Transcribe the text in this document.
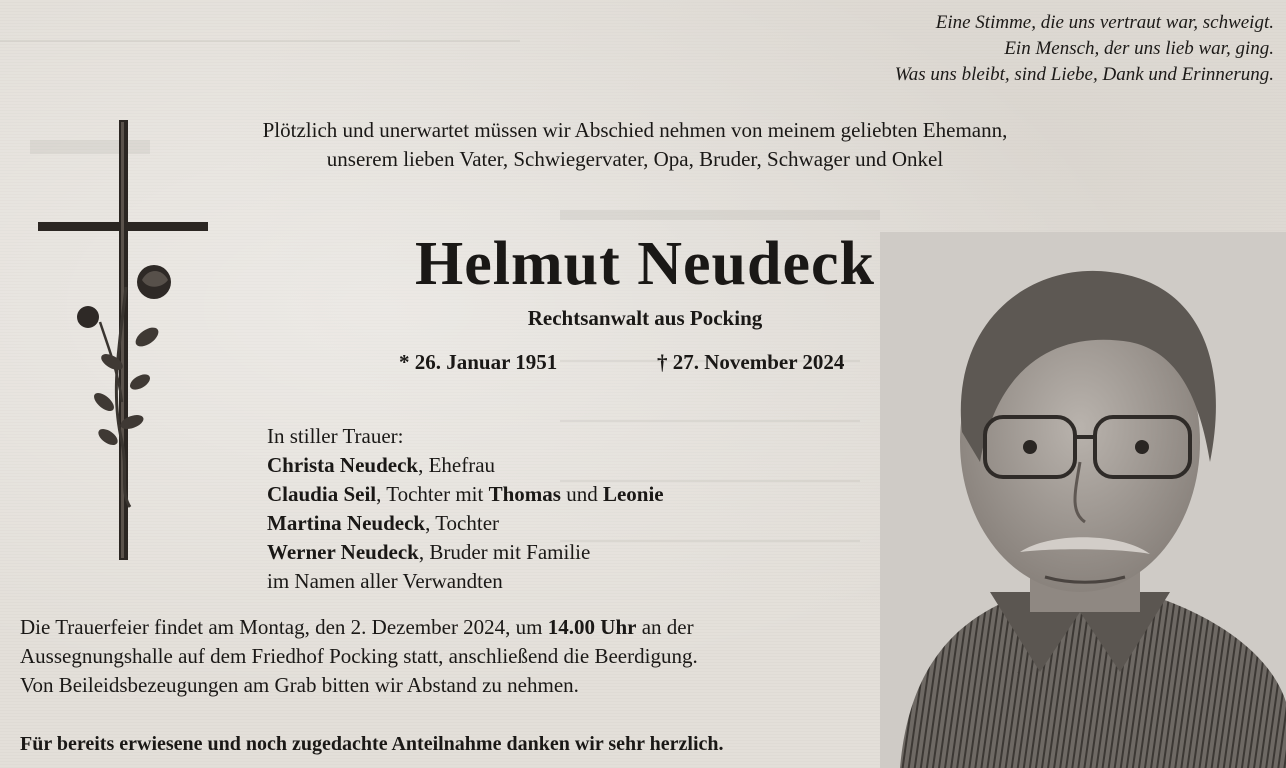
Eine Stimme, die uns vertraut war, schweigt.
Ein Mensch, der uns lieb war, ging.
Was uns bleibt, sind Liebe, Dank und Erinnerung.
Plötzlich und unerwartet müssen wir Abschied nehmen von meinem geliebten Ehemann,
unserem lieben Vater, Schwiegervater, Opa, Bruder, Schwager und Onkel
Helmut Neudeck
Rechtsanwalt aus Pocking
* 26. Januar 1951	† 27. November 2024
In stiller Trauer:
Christa Neudeck, Ehefrau
Claudia Seil, Tochter mit Thomas und Leonie
Martina Neudeck, Tochter
Werner Neudeck, Bruder mit Familie
im Namen aller Verwandten
Die Trauerfeier findet am Montag, den 2. Dezember 2024, um 14.00 Uhr an der
Aussegnungshalle auf dem Friedhof Pocking statt, anschließend die Beerdigung.
Von Beileidsbezeugungen am Grab bitten wir Abstand zu nehmen.
Für bereits erwiesene und noch zugedachte Anteilnahme danken wir sehr herzlich.
